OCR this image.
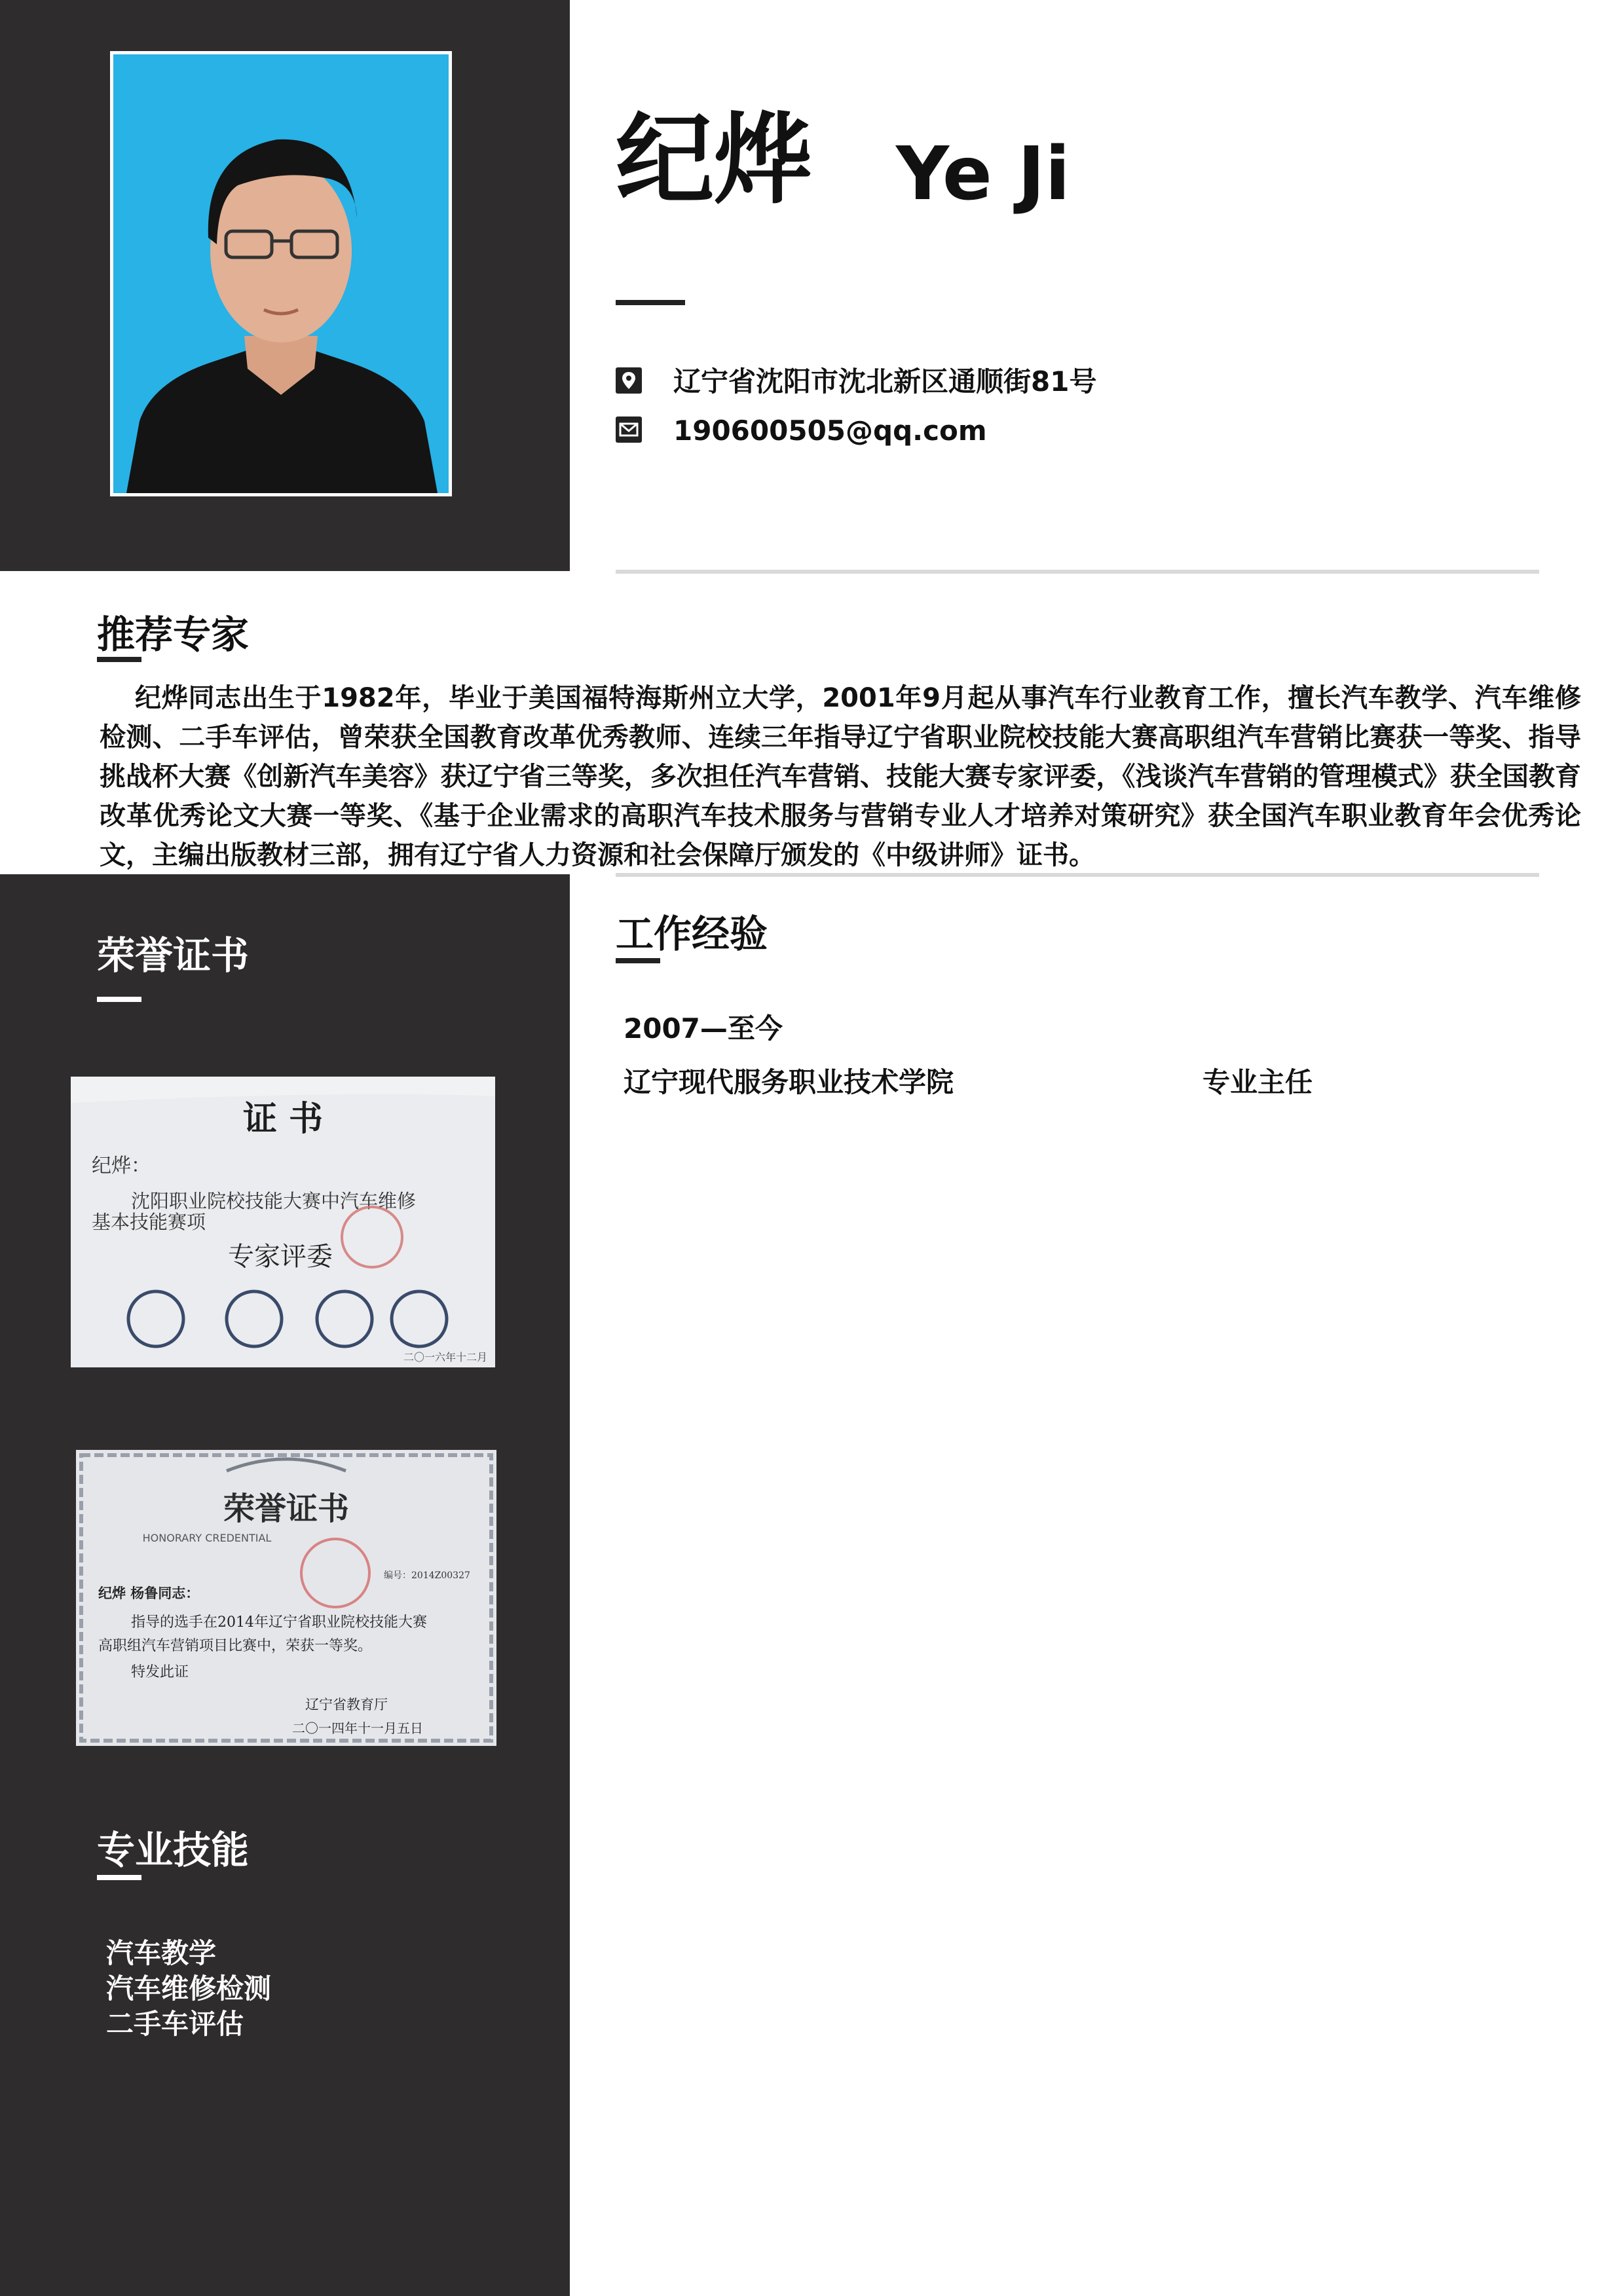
纪烨 Ye Ji
辽宁省沈阳市沈北新区通顺街81号
190600505@qq.com
推荐专家
纪烨同志出生于1982年，毕业于美国福特海斯州立大学，2001年9月起从事汽车行业教育工作，擅长汽车教学、汽车维修检测、二手车评估，曾荣获全国教育改革优秀教师、连续三年指导辽宁省职业院校技能大赛高职组汽车营销比赛获一等奖、指导挑战杯大赛《创新汽车美容》获辽宁省三等奖，多次担任汽车营销、技能大赛专家评委，《浅谈汽车营销的管理模式》获全国教育改革优秀论文大赛一等奖、《基于企业需求的高职汽车技术服务与营销专业人才培养对策研究》获全国汽车职业教育年会优秀论文，主编出版教材三部，拥有辽宁省人力资源和社会保障厅颁发的《中级讲师》证书。
荣誉证书
证 书
纪烨：
沈阳职业院校技能大赛中汽车维修
基本技能赛项
专家评委
二〇一六年十二月
荣誉证书
HONORARY CREDENTIAL
编号：2014Z00327
纪烨 杨鲁同志：
指导的选手在2014年辽宁省职业院校技能大赛
高职组汽车营销项目比赛中，荣获一等奖。
特发此证
辽宁省教育厅
二〇一四年十一月五日
专业技能
汽车教学
汽车维修检测
二手车评估
工作经验
2007—至今
辽宁现代服务职业技术学院	专业主任
